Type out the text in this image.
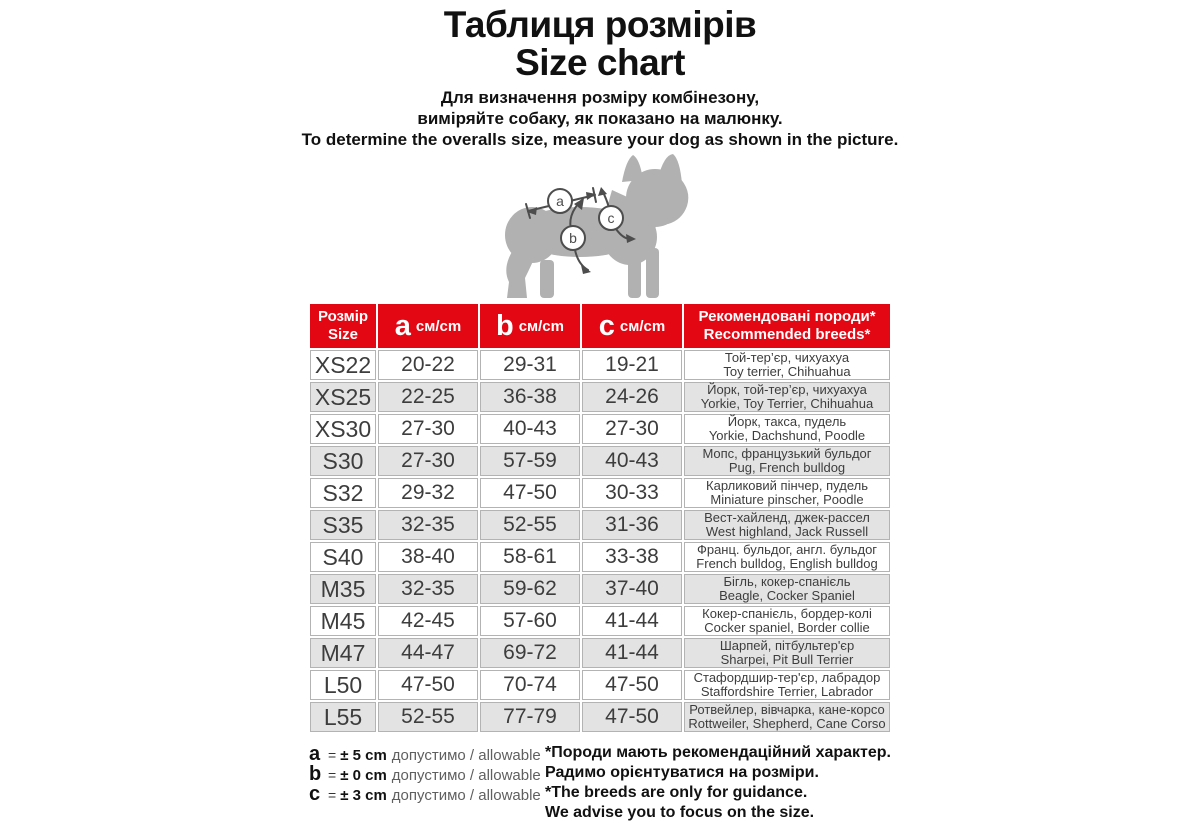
Таблиця розмірів
Size chart
Для визначення розміру комбінезону,
виміряйте собаку, як показано на малюнку.
To determine the overalls size, measure your dog as shown in the picture.
a
b
c
Розмір
Size	a см/cm	b см/cm	c см/cm	
Рекомендовані породи*
Recommended breeds*

XS22	20-22	29-31	19-21	Той-тер’єр, чихуахуа
Toy terrier, Chihuahua

XS25	22-25	36-38	24-26	Йорк, той-тер’єр, чихуахуа
Yorkie, Toy Terrier, Chihuahua

XS30	27-30	40-43	27-30	Йорк, такса, пудель
Yorkie, Dachshund, Poodle

S30	27-30	57-59	40-43	Мопс, французький бульдог
Pug, French bulldog

S32	29-32	47-50	30-33	Карликовий пінчер, пудель
Miniature pinscher, Poodle

S35	32-35	52-55	31-36	Вест-хайленд, джек-рассел
West highland, Jack Russell

S40	38-40	58-61	33-38	Франц. бульдог, англ. бульдог
French bulldog, English bulldog

M35	32-35	59-62	37-40	Бігль, кокер-спанієль
Beagle, Cocker Spaniel

M45	42-45	57-60	41-44	Кокер-спанієль, бордер-колі
Cocker spaniel, Border collie

M47	44-47	69-72	41-44	Шарпей, пітбультер'єр
Sharpei, Pit Bull Terrier

L50	47-50	70-74	47-50	Стафордшир-тер'єр, лабрадор
Staffordshire Terrier, Labrador

L55	52-55	77-79	47-50	Ротвейлер, вівчарка, кане-корсо
Rottweiler, Shepherd, Cane Corso
a = ± 5 cm допустимо / allowable
b = ± 0 cm допустимо / allowable
c = ± 3 cm допустимо / allowable
*Породи мають рекомендаційний характер.
Радимо орієнтуватися на розміри.
*The breeds are only for guidance.
We advise you to focus on the size.
